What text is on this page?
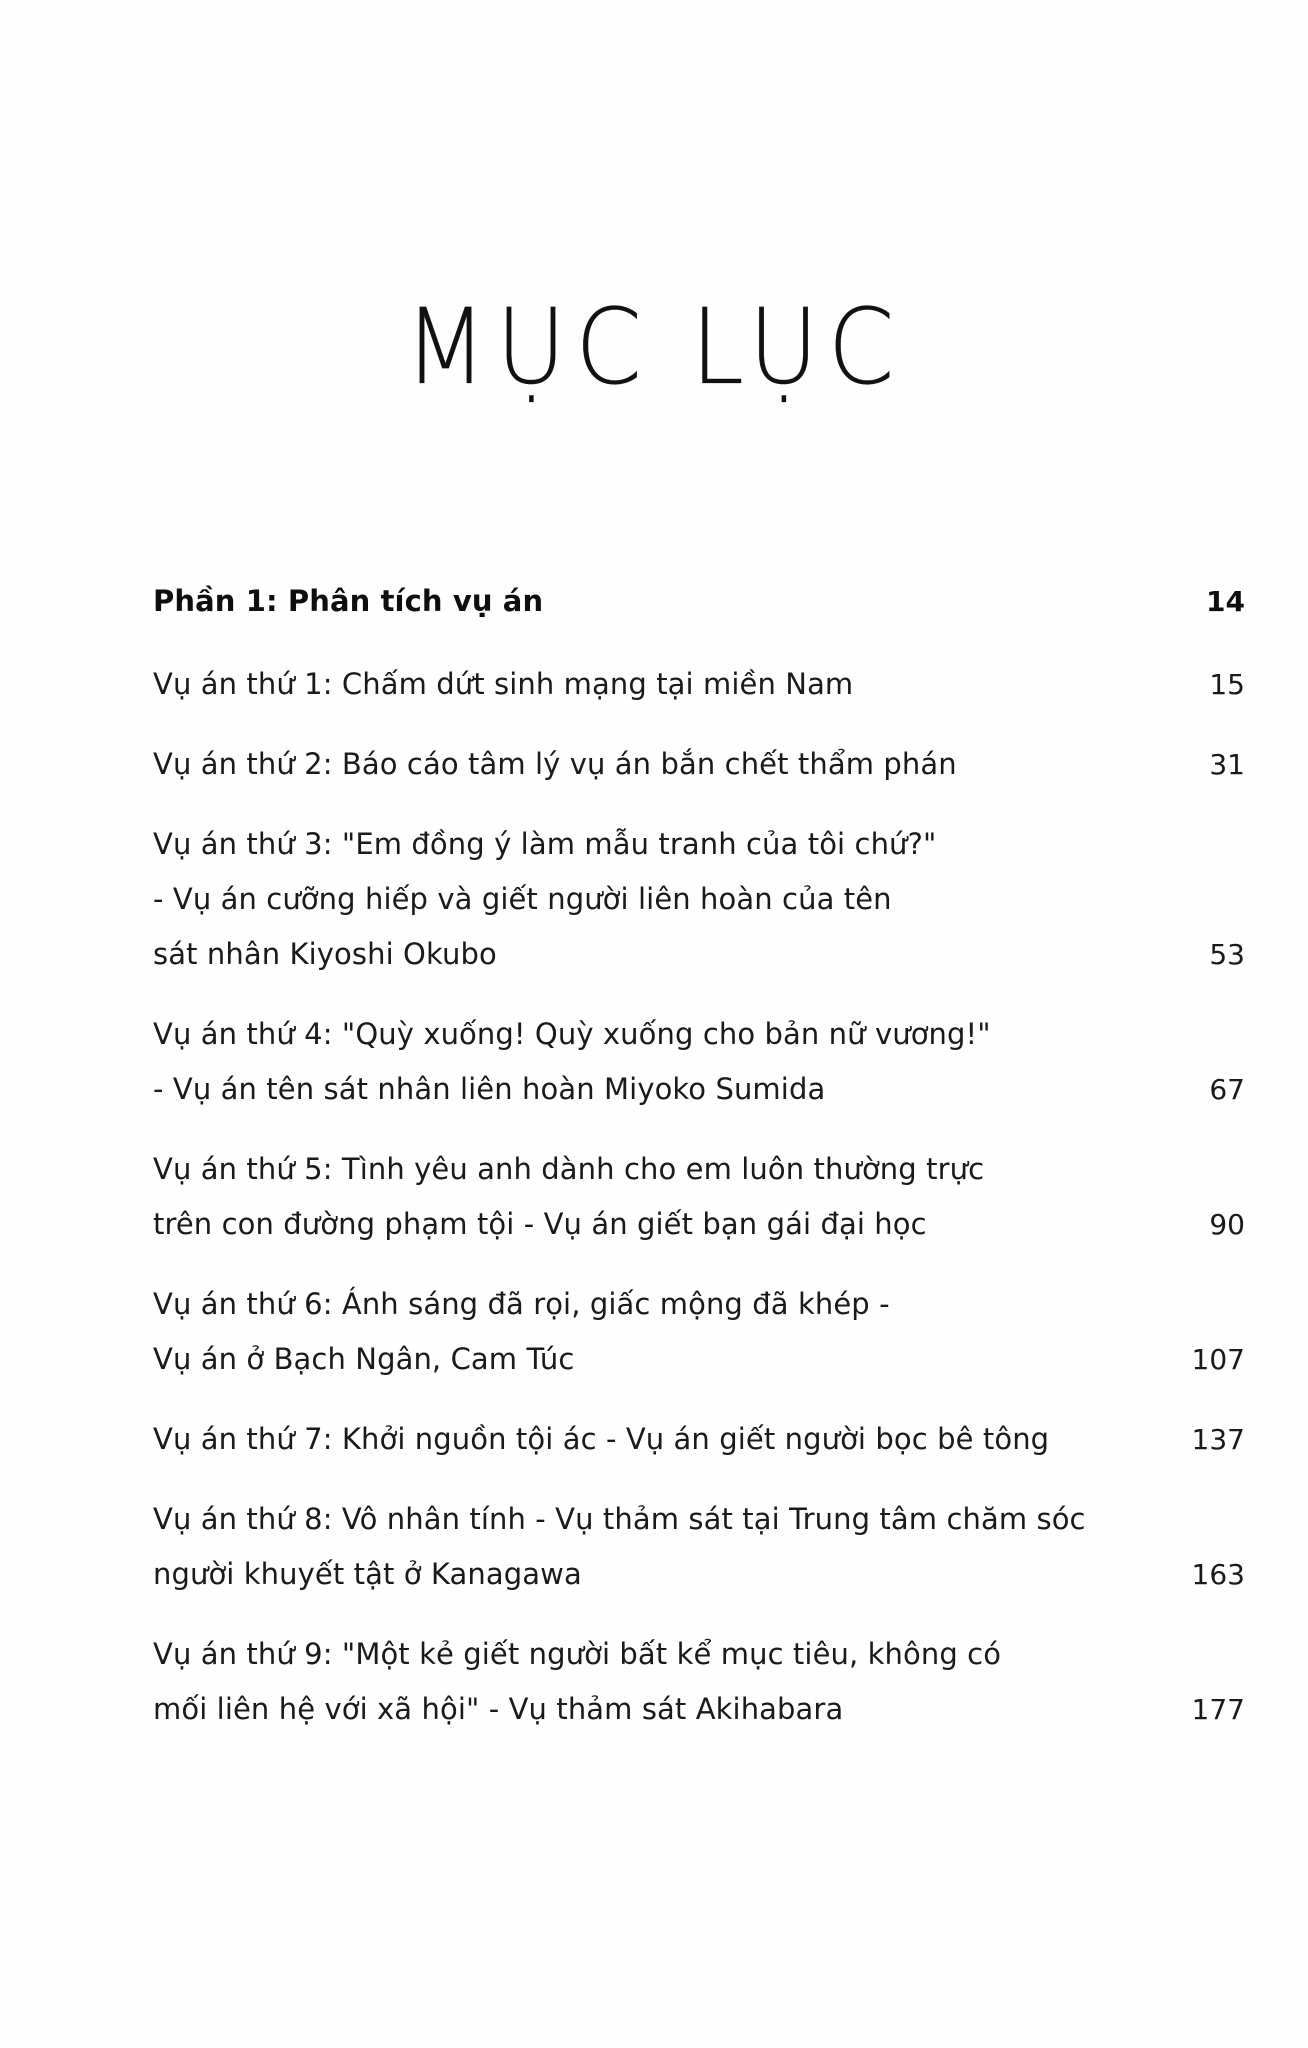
MỤC LỤC
Phần 1: Phân tích vụ án	14
Vụ án thứ 1: Chấm dứt sinh mạng tại miền Nam	15
Vụ án thứ 2: Báo cáo tâm lý vụ án bắn chết thẩm phán	31
Vụ án thứ 3: "Em đồng ý làm mẫu tranh của tôi chứ?"
- Vụ án cưỡng hiếp và giết người liên hoàn của tên
sát nhân Kiyoshi Okubo	53
Vụ án thứ 4: "Quỳ xuống! Quỳ xuống cho bản nữ vương!"
- Vụ án tên sát nhân liên hoàn Miyoko Sumida	67
Vụ án thứ 5: Tình yêu anh dành cho em luôn thường trực
trên con đường phạm tội - Vụ án giết bạn gái đại học	90
Vụ án thứ 6: Ánh sáng đã rọi, giấc mộng đã khép -
Vụ án ở Bạch Ngân, Cam Túc	107
Vụ án thứ 7: Khởi nguồn tội ác - Vụ án giết người bọc bê tông	137
Vụ án thứ 8: Vô nhân tính - Vụ thảm sát tại Trung tâm chăm sóc
người khuyết tật ở Kanagawa	163
Vụ án thứ 9: "Một kẻ giết người bất kể mục tiêu, không có
mối liên hệ với xã hội" - Vụ thảm sát Akihabara	177
